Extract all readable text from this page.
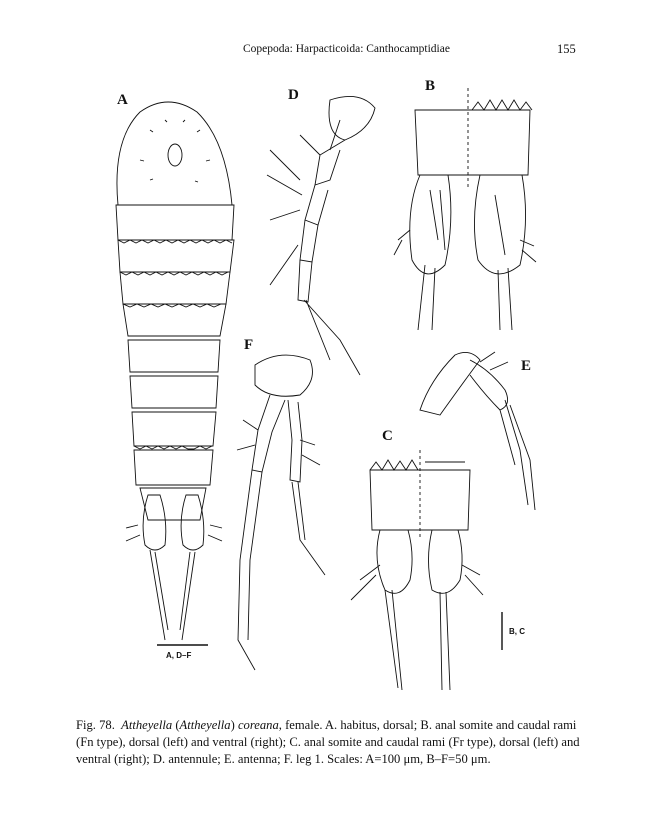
Copepoda: Harpacticoida: Canthocamptidiae	155
A
B
C
D
E
F
A, D–F
B, C
Fig. 78. Attheyella (Attheyella) coreana, female. A. habitus, dorsal; B. anal somite and caudal rami (Fn type), dorsal (left) and ventral (right); C. anal somite and caudal rami (Fr type), dorsal (left) and ventral (right); D. antennule; E. antenna; F. leg 1. Scales: A=100 μm, B–F=50 μm.
